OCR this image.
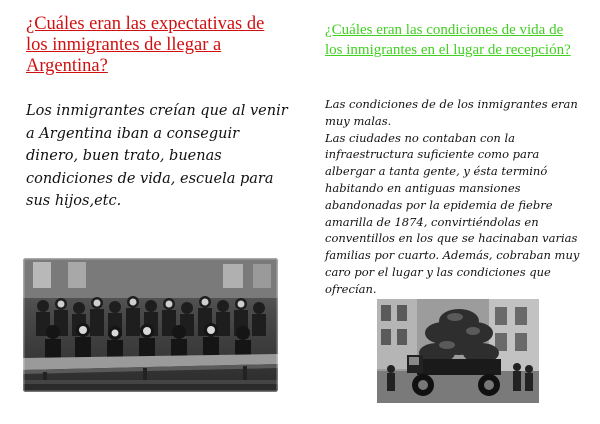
¿Cuáles eran las expectativas de los inmigrantes de llegar a Argentina?

Los inmigrantes creían que al venir a Argentina iban a conseguir dinero, buen trato, buenas condiciones de vida, escuela para sus hijos,etc.

¿Cuáles eran las condiciones de vida de los inmigrantes en el lugar de recepción?

Las condiciones de de los inmigrantes eran muy malas.
Las ciudades no contaban con la infraestructura suficiente como para albergar a tanta gente, y ésta terminó habitando en antiguas mansiones abandonadas por la epidemia de fiebre amarilla de 1874, convirtiéndolas en conventillos en los que se hacinaban varias familias por cuarto. Además, cobraban muy caro por el lugar y las condiciones que ofrecían.
